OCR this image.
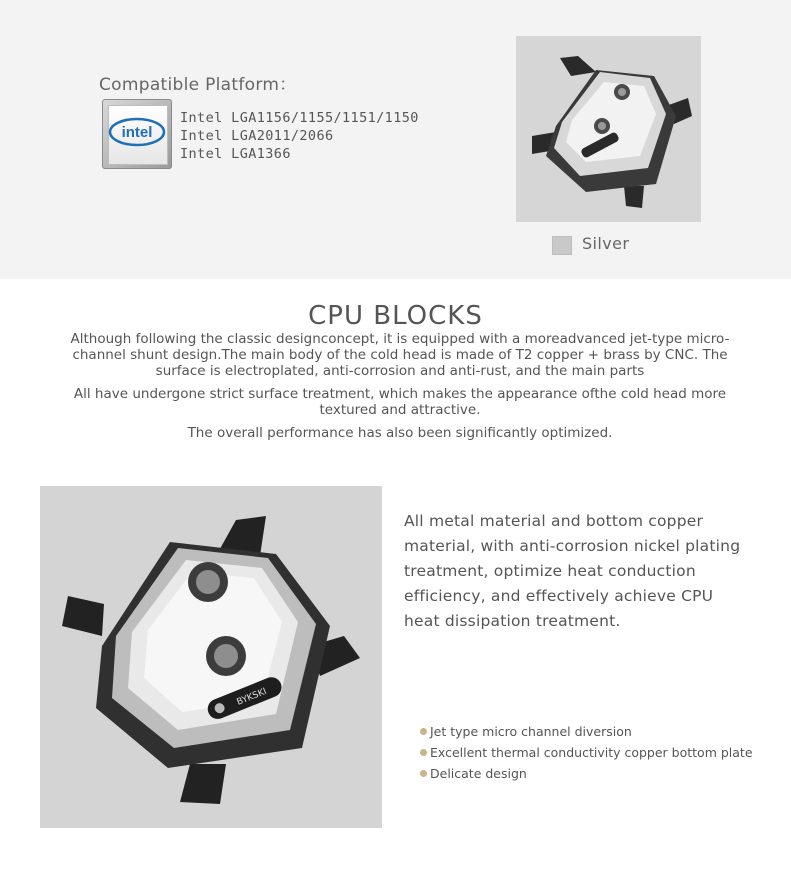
Compatible Platform：
intel
Intel LGA1156/1155/1151/1150
Intel LGA2011/2066
Intel LGA1366
Silver
CPU BLOCKS
Although following the classic designconcept, it is equipped with a moreadvanced jet-type micro-channel shunt design.The main body of the cold head is made of T2 copper + brass by CNC. The surface is electroplated, anti-corrosion and anti-rust, and the main parts
All have undergone strict surface treatment, which makes the appearance ofthe cold head more textured and attractive.
The overall performance has also been significantly optimized.
BYKSKI
All metal material and bottom copper material, with anti-corrosion nickel plating treatment, optimize heat conduction efficiency, and effectively achieve CPU heat dissipation treatment.
Jet type micro channel diversion
Excellent thermal conductivity copper bottom plate
Delicate design
